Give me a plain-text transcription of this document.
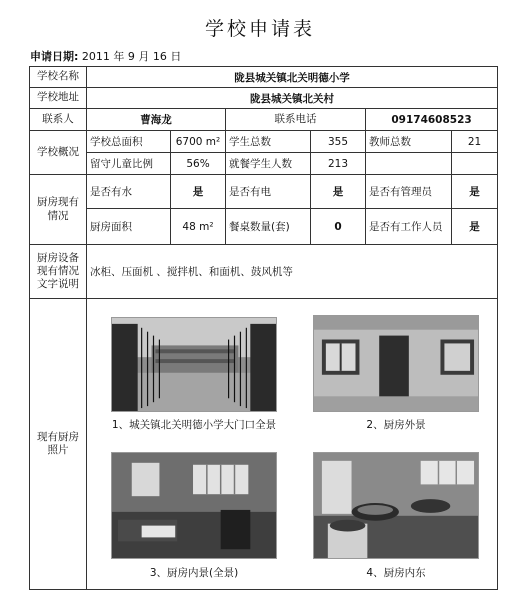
学校申请表
申请日期: 2011 年 9 月 16 日
学校名称	陇县城关镇北关明德小学					
学校地址	陇县城关镇北关村					
联系人	曹海龙		联系电话		09174608523	
学校概况	学校总面积	6700 m²	学生总数	355	教师总数	21
	留守儿童比例	56%	就餐学生人数	213		
厨房现有情况	是否有水	是	是否有电	是	是否有管理员	是
	厨房面积	48 m²	餐桌数量(套)	0	是否有工作人员	是
厨房设备现有情况文字说明	冰柜、压面机 、搅拌机、和面机、鼓风机等					
现有厨房照片	1、城关镇北关明德小学大门口全景 2、厨房外景
3、厨房内景(全景) 4、厨房内东					
